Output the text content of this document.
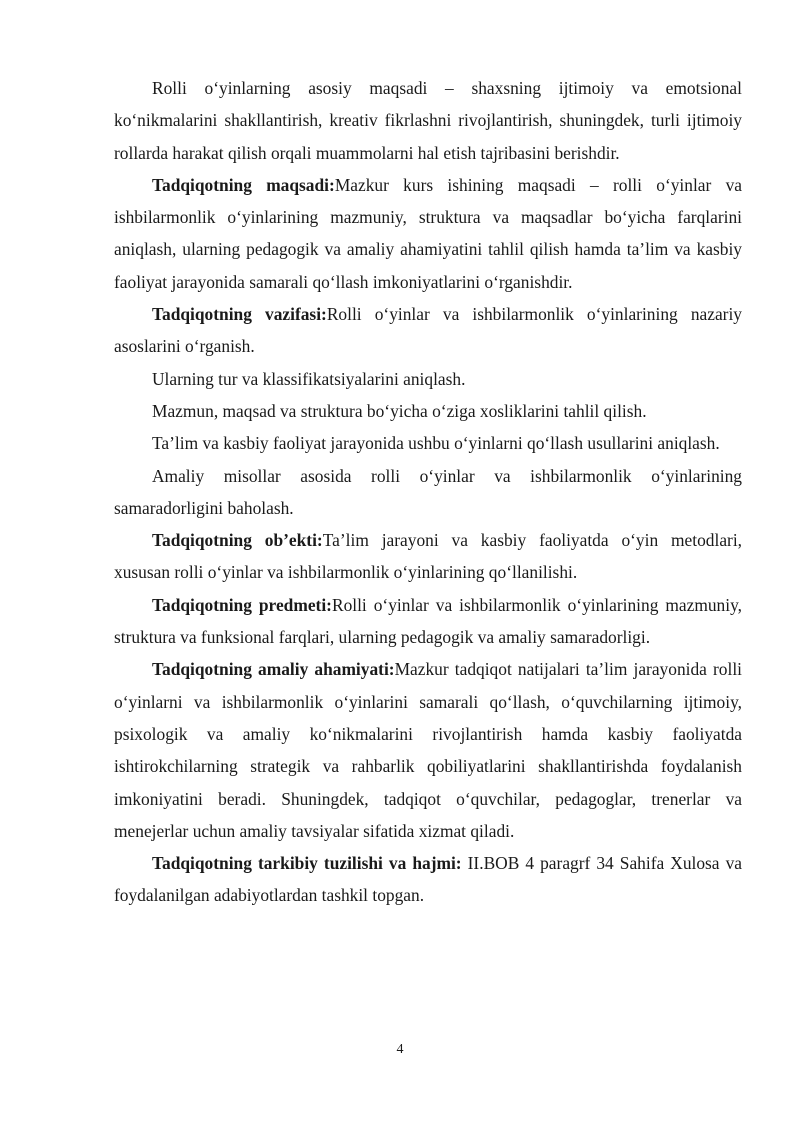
Rolli o‘yinlarning asosiy maqsadi – shaxsning ijtimoiy va emotsional ko‘nikmalarini shakllantirish, kreativ fikrlashni rivojlantirish, shuningdek, turli ijtimoiy rollarda harakat qilish orqali muammolarni hal etish tajribasini berishdir.

Tadqiqotning maqsadi:Mazkur kurs ishining maqsadi – rolli o‘yinlar va ishbilarmonlik o‘yinlarining mazmuniy, struktura va maqsadlar bo‘yicha farqlarini aniqlash, ularning pedagogik va amaliy ahamiyatini tahlil qilish hamda ta’lim va kasbiy faoliyat jarayonida samarali qo‘llash imkoniyatlarini o‘rganishdir.

Tadqiqotning vazifasi:Rolli o‘yinlar va ishbilarmonlik o‘yinlarining nazariy asoslarini o‘rganish.

Ularning tur va klassifikatsiyalarini aniqlash.

Mazmun, maqsad va struktura bo‘yicha o‘ziga xosliklarini tahlil qilish.

Ta’lim va kasbiy faoliyat jarayonida ushbu o‘yinlarni qo‘llash usullarini aniqlash.

Amaliy misollar asosida rolli o‘yinlar va ishbilarmonlik o‘yinlarining samaradorligini baholash.

Tadqiqotning ob’ekti:Ta’lim jarayoni va kasbiy faoliyatda o‘yin metodlari, xususan rolli o‘yinlar va ishbilarmonlik o‘yinlarining qo‘llanilishi.

Tadqiqotning predmeti:Rolli o‘yinlar va ishbilarmonlik o‘yinlarining mazmuniy, struktura va funksional farqlari, ularning pedagogik va amaliy samaradorligi.

Tadqiqotning amaliy ahamiyati:Mazkur tadqiqot natijalari ta’lim jarayonida rolli o‘yinlarni va ishbilarmonlik o‘yinlarini samarali qo‘llash, o‘quvchilarning ijtimoiy, psixologik va amaliy ko‘nikmalarini rivojlantirish hamda kasbiy faoliyatda ishtirokchilarning strategik va rahbarlik qobiliyatlarini shakllantirishda foydalanish imkoniyatini beradi. Shuningdek, tadqiqot o‘quvchilar, pedagoglar, trenerlar va menejerlar uchun amaliy tavsiyalar sifatida xizmat qiladi.

Tadqiqotning tarkibiy tuzilishi va hajmi: II.BOB 4 paragrf 34 Sahifa Xulosa va foydalanilgan adabiyotlardan tashkil topgan.

4
